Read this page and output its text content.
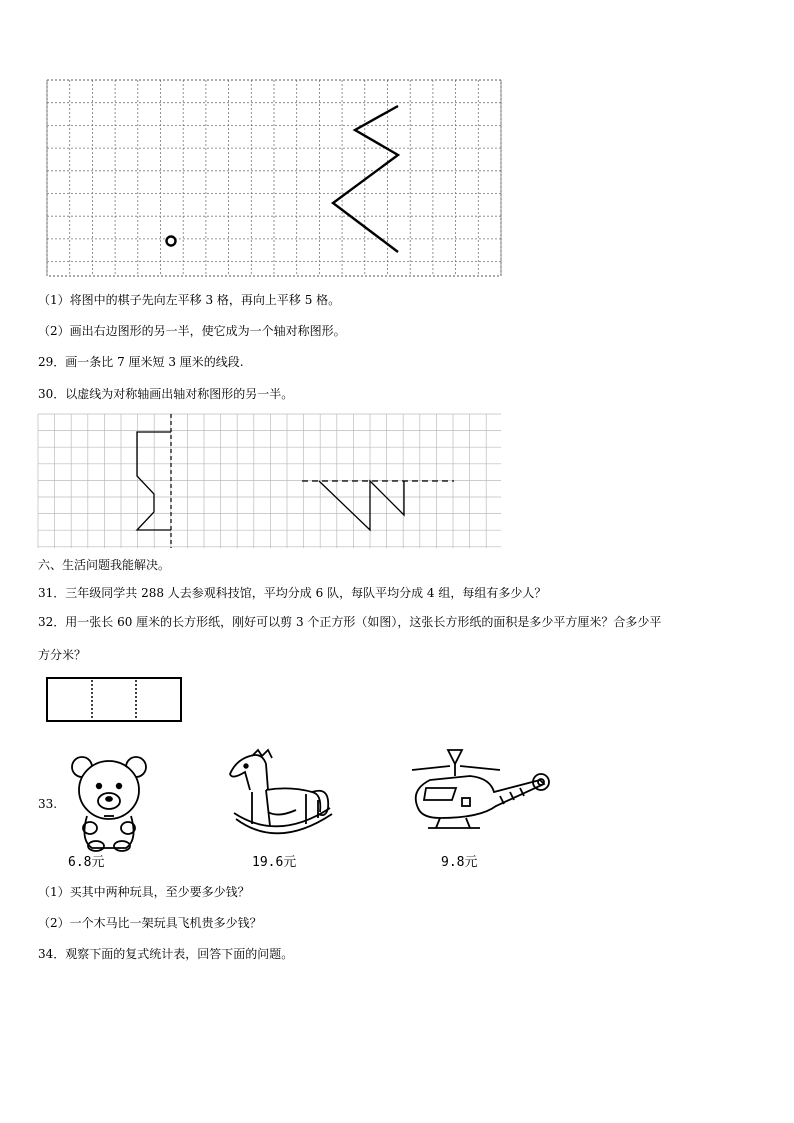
（1）将图中的棋子先向左平移 3 格，再向上平移 5 格。
（2）画出右边图形的另一半，使它成为一个轴对称图形。
29．画一条比 7 厘米短 3 厘米的线段.
30．以虚线为对称轴画出轴对称图形的另一半。
六、生活问题我能解决。
31．三年级同学共 288 人去参观科技馆，平均分成 6 队，每队平均分成 4 组，每组有多少人？
32．用一张长 60 厘米的长方形纸，刚好可以剪 3 个正方形（如图），这张长方形纸的面积是多少平方厘米？合多少平
方分米？
33.
6.8元	19.6元	9.8元
（1）买其中两种玩具，至少要多少钱？
（2）一个木马比一架玩具飞机贵多少钱？
34．观察下面的复式统计表，回答下面的问题。
